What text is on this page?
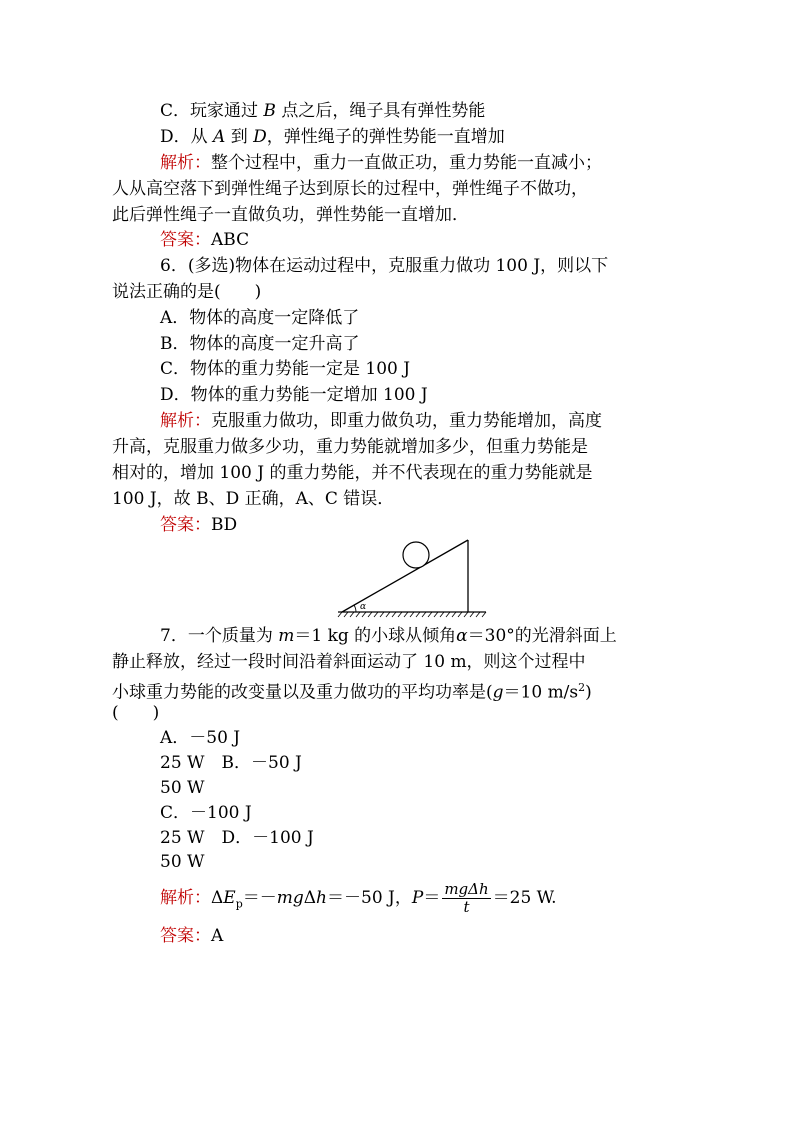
C．玩家通过 B 点之后，绳子具有弹性势能
D．从 A 到 D，弹性绳子的弹性势能一直增加
解析：整个过程中，重力一直做正功，重力势能一直减小；
人从高空落下到弹性绳子达到原长的过程中，弹性绳子不做功，
此后弹性绳子一直做负功，弹性势能一直增加．
答案：ABC
6．(多选)物体在运动过程中，克服重力做功 100 J，则以下
说法正确的是(　　)
A．物体的高度一定降低了
B．物体的高度一定升高了
C．物体的重力势能一定是 100 J
D．物体的重力势能一定增加 100 J
解析：克服重力做功，即重力做负功，重力势能增加，高度
升高，克服重力做多少功，重力势能就增加多少，但重力势能是
相对的，增加 100 J 的重力势能，并不代表现在的重力势能就是
100 J，故 B、D 正确，A、C 错误．
答案：BD
α
7．一个质量为 m＝1 kg 的小球从倾角α＝30°的光滑斜面上
静止释放，经过一段时间沿着斜面运动了 10 m，则这个过程中
小球重力势能的改变量以及重力做功的平均功率是(g＝10 $m/s^2$)
(　　)
A．－50 J
25 W　B．－50 J
50 W
C．－100 J
25 W　D．－100 J
50 W
解析：$\Delta E_p=-mg\Delta h=-50$ J，$P= \frac{\text{mgΔh}}{t} =25$ W.
答案：A
